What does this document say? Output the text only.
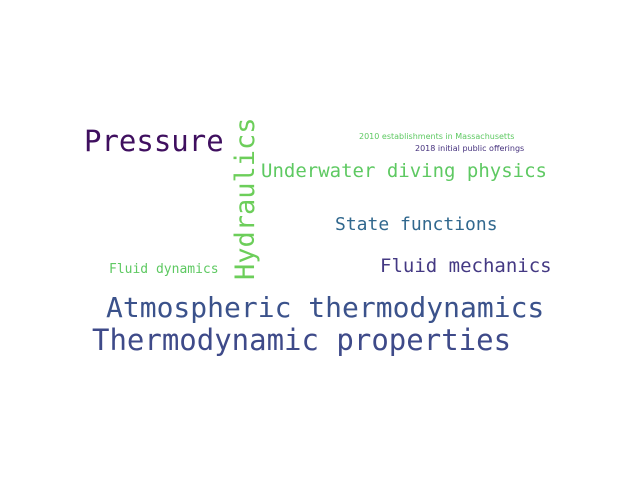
Pressure Hydraulics Underwater diving physics
State functions
Fluid dynamics	Fluid mechanics
Atmospheric thermodynamics
Thermodynamic properties
2010 establishments in Massachusetts
2018 initial public offerings
